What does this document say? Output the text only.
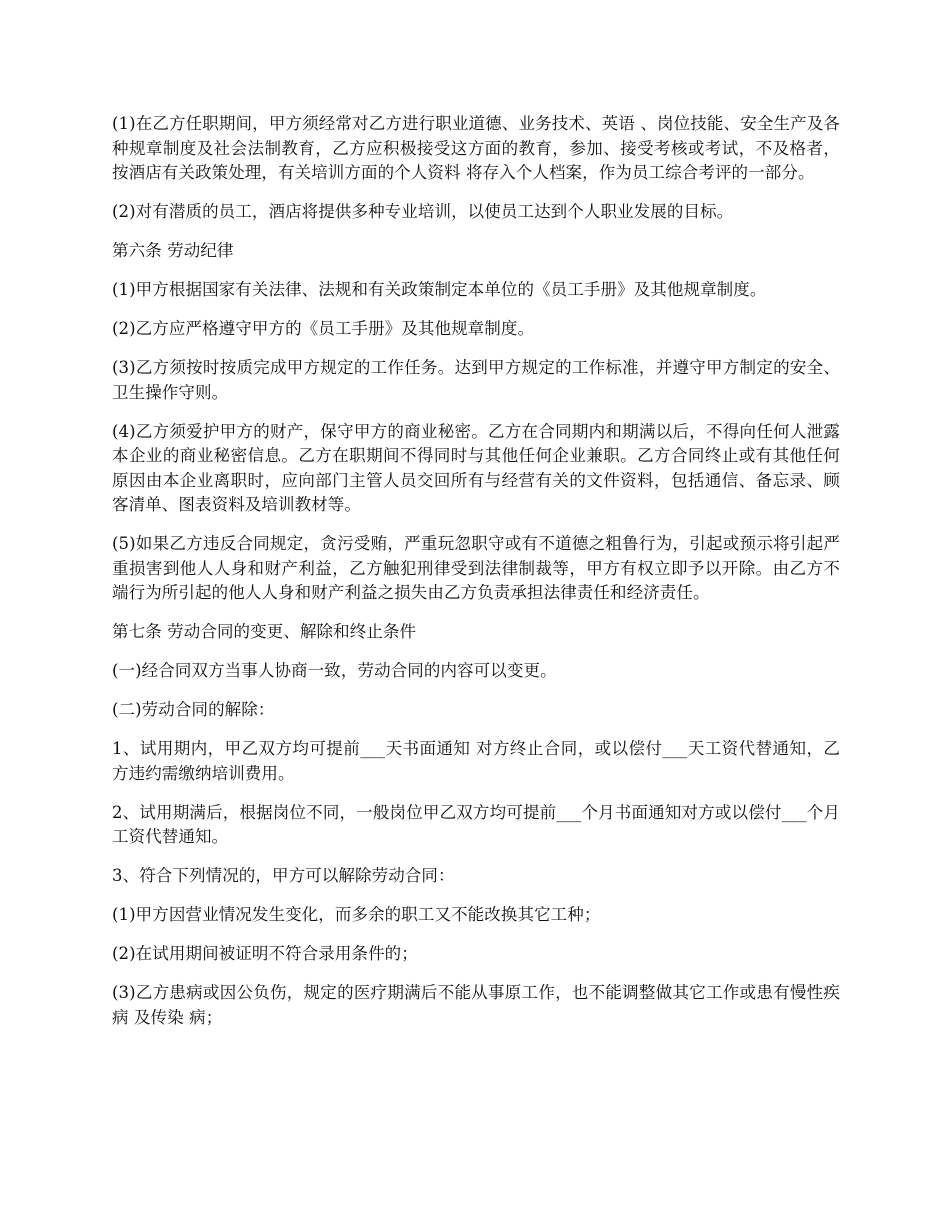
(1)在乙方任职期间，甲方须经常对乙方进行职业道德、业务技术、英语 、岗位技能、安全生产及各种规章制度及社会法制教育，乙方应积极接受这方面的教育，参加、接受考核或考试，不及格者，按酒店有关政策处理，有关培训方面的个人资料 将存入个人档案，作为员工综合考评的一部分。

(2)对有潜质的员工，酒店将提供多种专业培训，以使员工达到个人职业发展的目标。

第六条 劳动纪律

(1)甲方根据国家有关法律、法规和有关政策制定本单位的《员工手册》及其他规章制度。

(2)乙方应严格遵守甲方的《员工手册》及其他规章制度。

(3)乙方须按时按质完成甲方规定的工作任务。达到甲方规定的工作标准，并遵守甲方制定的安全、卫生操作守则。

(4)乙方须爱护甲方的财产，保守甲方的商业秘密。乙方在合同期内和期满以后，不得向任何人泄露本企业的商业秘密信息。乙方在职期间不得同时与其他任何企业兼职。乙方合同终止或有其他任何原因由本企业离职时，应向部门主管人员交回所有与经营有关的文件资料，包括通信、备忘录、顾客清单、图表资料及培训教材等。

(5)如果乙方违反合同规定，贪污受贿，严重玩忽职守或有不道德之粗鲁行为，引起或预示将引起严重损害到他人人身和财产利益，乙方触犯刑律受到法律制裁等，甲方有权立即予以开除。由乙方不端行为所引起的他人人身和财产利益之损失由乙方负责承担法律责任和经济责任。

第七条 劳动合同的变更、解除和终止条件

(一)经合同双方当事人协商一致，劳动合同的内容可以变更。

(二)劳动合同的解除：

1、试用期内，甲乙双方均可提前___天书面通知 对方终止合同，或以偿付___天工资代替通知，乙方违约需缴纳培训费用。

2、试用期满后，根据岗位不同，一般岗位甲乙双方均可提前___个月书面通知对方或以偿付___个月工资代替通知。

3、符合下列情况的，甲方可以解除劳动合同：

(1)甲方因营业情况发生变化，而多余的职工又不能改换其它工种；

(2)在试用期间被证明不符合录用条件的；

(3)乙方患病或因公负伤，规定的医疗期满后不能从事原工作，也不能调整做其它工作或患有慢性疾病 及传染 病；
